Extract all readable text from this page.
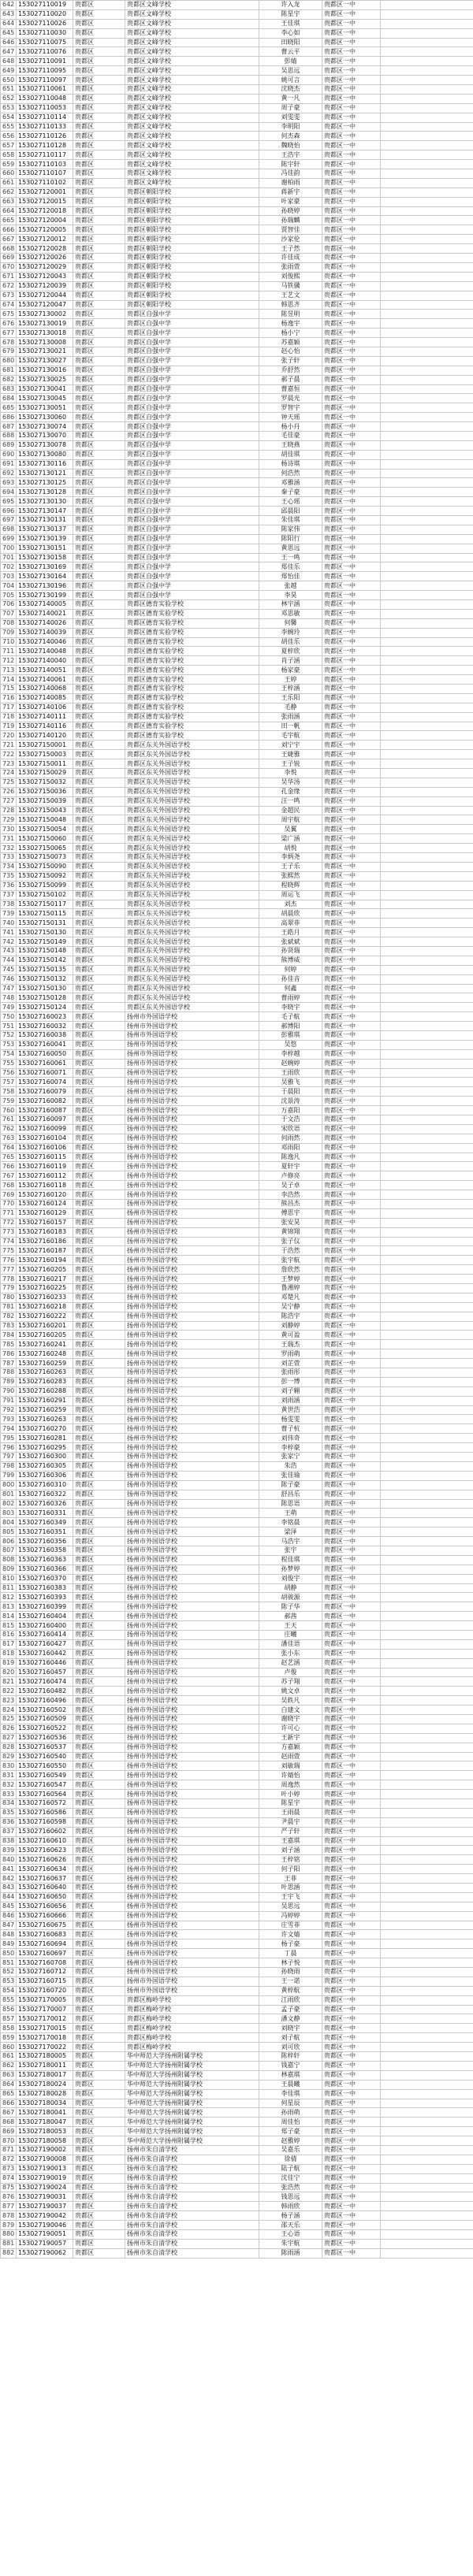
642	153027110019	贵都区	贵都区文峰学校	许入龙	贵都区一中	
643	153027110020	贵都区	贵都区文峰学校	陈星宇	贵都区一中	
644	153027110026	贵都区	贵都区文峰学校	王佳琪	贵都区一中	
645	153027110030	贵都区	贵都区文峰学校	李心如	贵都区一中	
646	153027110075	贵都区	贵都区文峰学校	田晓阳	贵都区一中	
647	153027110076	贵都区	贵都区文峰学校	曹云平	贵都区一中	
648	153027110091	贵都区	贵都区文峰学校	彭婧	贵都区一中	
649	153027110095	贵都区	贵都区文峰学校	吴思远	贵都区一中	
650	153027110097	贵都区	贵都区文峰学校	姚可言	贵都区一中	
651	153027110061	贵都区	贵都区文峰学校	沈晓杰	贵都区一中	
652	153027110048	贵都区	贵都区文峰学校	黄一凡	贵都区一中	
653	153027110053	贵都区	贵都区文峰学校	周子豪	贵都区一中	
654	153027110114	贵都区	贵都区文峰学校	刘雯雯	贵都区一中	
655	153027110133	贵都区	贵都区文峰学校	李明阳	贵都区一中	
656	153027110126	贵都区	贵都区文峰学校	何杰森	贵都区一中	
657	153027110128	贵都区	贵都区文峰学校	魏晓怡	贵都区一中	
658	153027110117	贵都区	贵都区文峰学校	王浩宇	贵都区一中	
659	153027110103	贵都区	贵都区文峰学校	陈宇轩	贵都区一中	
660	153027110107	贵都区	贵都区文峰学校	冯佳韵	贵都区一中	
661	153027110102	贵都区	贵都区文峰学校	谢柏雨	贵都区一中	
662	153027120001	贵都区	贵都区朝阳学校	蒋新宇	贵都区一中	
663	153027120015	贵都区	贵都区朝阳学校	叶家豪	贵都区一中	
664	153027120018	贵都区	贵都区朝阳学校	孙晓婷	贵都区一中	
665	153027120004	贵都区	贵都区朝阳学校	孙瑞麟	贵都区一中	
666	153027120005	贵都区	贵都区朝阳学校	贾智佳	贵都区一中	
667	153027120012	贵都区	贵都区朝阳学校	沙家伦	贵都区一中	
668	153027120028	贵都区	贵都区朝阳学校	王子然	贵都区一中	
669	153027120026	贵都区	贵都区朝阳学校	许佳成	贵都区一中	
670	153027120029	贵都区	贵都区朝阳学校	张雨萱	贵都区一中	
671	153027120043	贵都区	贵都区朝阳学校	刘俊熙	贵都区一中	
672	153027120039	贵都区	贵都区朝阳学校	马铁骥	贵都区一中	
673	153027120044	贵都区	贵都区朝阳学校	王艺文	贵都区一中	
674	153027120047	贵都区	贵都区朝阳学校	韩思齐	贵都区一中	
675	153027130002	贵都区	贵都区自强中学	陈昱明	贵都区一中	
676	153027130019	贵都区	贵都区自强中学	杨逸宇	贵都区一中	
677	153027130018	贵都区	贵都区自强中学	杨小宁	贵都区一中	
678	153027130008	贵都区	贵都区自强中学	苏嘉颖	贵都区一中	
679	153027130021	贵都区	贵都区自强中学	赵心怡	贵都区一中	
680	153027130027	贵都区	贵都区自强中学	张子轩	贵都区一中	
681	153027130016	贵都区	贵都区自强中学	乔舒然	贵都区一中	
682	153027130025	贵都区	贵都区自强中学	郝子晨	贵都区一中	
683	153027130041	贵都区	贵都区自强中学	曹嘉恒	贵都区一中	
684	153027130045	贵都区	贵都区自强中学	罗晨光	贵都区一中	
685	153027130051	贵都区	贵都区自强中学	罗智宇	贵都区一中	
686	153027130060	贵都区	贵都区自强中学	钟天瑶	贵都区一中	
687	153027130074	贵都区	贵都区自强中学	杨小丹	贵都区一中	
688	153027130070	贵都区	贵都区自强中学	毛佳豪	贵都区一中	
689	153027130078	贵都区	贵都区自强中学	王晓燕	贵都区一中	
690	153027130080	贵都区	贵都区自强中学	胡佳琪	贵都区一中	
691	153027130116	贵都区	贵都区自强中学	杨诗琪	贵都区一中	
692	153027130121	贵都区	贵都区自强中学	何浩然	贵都区一中	
693	153027130125	贵都区	贵都区自强中学	邓雅涵	贵都区一中	
694	153027130128	贵都区	贵都区自强中学	秦子豪	贵都区一中	
695	153027130130	贵都区	贵都区自强中学	王心瑶	贵都区一中	
696	153027130147	贵都区	贵都区自强中学	邱晨阳	贵都区一中	
697	153027130131	贵都区	贵都区自强中学	朱佳琪	贵都区一中	
698	153027130137	贵都区	贵都区自强中学	陈家伟	贵都区一中	
699	153027130139	贵都区	贵都区自强中学	陈阳行	贵都区一中	
700	153027130151	贵都区	贵都区自强中学	黄思远	贵都区一中	
701	153027130158	贵都区	贵都区自强中学	王一鸣	贵都区一中	
702	153027130169	贵都区	贵都区自强中学	郑佳乐	贵都区一中	
703	153027130164	贵都区	贵都区自强中学	郑怡佳	贵都区一中	
704	153027130196	贵都区	贵都区自强中学	张越	贵都区一中	
705	153027130199	贵都区	贵都区自强中学	李昊	贵都区一中	
706	153027140005	贵都区	贵都区德育实验学校	林宇涵	贵都区一中	
707	153027140021	贵都区	贵都区德育实验学校	邓思敏	贵都区一中	
708	153027140026	贵都区	贵都区德育实验学校	何馨	贵都区一中	
709	153027140039	贵都区	贵都区德育实验学校	李婉玲	贵都区一中	
710	153027140046	贵都区	贵都区德育实验学校	胡佳乐	贵都区一中	
711	153027140048	贵都区	贵都区德育实验学校	夏梓欣	贵都区一中	
712	153027140040	贵都区	贵都区德育实验学校	肖子涵	贵都区一中	
713	153027140051	贵都区	贵都区德育实验学校	杨家豪	贵都区一中	
714	153027140061	贵都区	贵都区德育实验学校	王婷	贵都区一中	
715	153027140068	贵都区	贵都区德育实验学校	王梓涵	贵都区一中	
716	153027140085	贵都区	贵都区德育实验学校	王乐阳	贵都区一中	
717	153027140106	贵都区	贵都区德育实验学校	毛静	贵都区一中	
718	153027140111	贵都区	贵都区德育实验学校	张雨涵	贵都区一中	
719	153027140116	贵都区	贵都区德育实验学校	田一帆	贵都区一中	
720	153027140120	贵都区	贵都区德育实验学校	毛宇航	贵都区一中	
721	153027150001	贵都区	贵都区东关外国语学校	刘宁宇	贵都区一中	
722	153027150003	贵都区	贵都区东关外国语学校	王婕雅	贵都区一中	
723	153027150011	贵都区	贵都区东关外国语学校	王子锐	贵都区一中	
724	153027150029	贵都区	贵都区东关外国语学校	李悦	贵都区一中	
725	153027150032	贵都区	贵都区东关外国语学校	吴华汤	贵都区一中	
726	153027150036	贵都区	贵都区东关外国语学校	孔金缘	贵都区一中	
727	153027150039	贵都区	贵都区东关外国语学校	汪一鸣	贵都区一中	
728	153027150043	贵都区	贵都区东关外国语学校	金超民	贵都区一中	
729	153027150048	贵都区	贵都区东关外国语学校	周宇航	贵都区一中	
730	153027150054	贵都区	贵都区东关外国语学校	吴翼	贵都区一中	
731	153027150060	贵都区	贵都区东关外国语学校	梁广涵	贵都区一中	
732	153027150065	贵都区	贵都区东关外国语学校	胡悦	贵都区一中	
733	153027150073	贵都区	贵都区东关外国语学校	李炳尧	贵都区一中	
734	153027150090	贵都区	贵都区东关外国语学校	王子乐	贵都区一中	
735	153027150092	贵都区	贵都区东关外国语学校	张熙然	贵都区一中	
736	153027150099	贵都区	贵都区东关外国语学校	程晓辉	贵都区一中	
737	153027150102	贵都区	贵都区东关外国语学校	周运飞	贵都区一中	
738	153027150117	贵都区	贵都区东关外国语学校	刘杰	贵都区一中	
739	153027150115	贵都区	贵都区东关外国语学校	胡晨欣	贵都区一中	
740	153027150131	贵都区	贵都区东关外国语学校	高翠菲	贵都区一中	
741	153027150130	贵都区	贵都区东关外国语学校	王皓月	贵都区一中	
742	153027150149	贵都区	贵都区东关外国语学校	张斌斌	贵都区一中	
743	153027150148	贵都区	贵都区东关外国语学校	孙贤瑞	贵都区一中	
744	153027150142	贵都区	贵都区东关外国语学校	熊博威	贵都区一中	
745	153027150135	贵都区	贵都区东关外国语学校	何婷	贵都区一中	
746	153027150132	贵都区	贵都区东关外国语学校	孙佳音	贵都区一中	
747	153027150130	贵都区	贵都区东关外国语学校	何鑫	贵都区一中	
748	153027150128	贵都区	贵都区东关外国语学校	曹雨婷	贵都区一中	
749	153027150124	贵都区	贵都区东关外国语学校	李晓宇	贵都区一中	
750	153027160023	贵都区	扬州市外国语学校	毛子航	贵都区一中	
751	153027160032	贵都区	扬州市外国语学校	郝博阳	贵都区一中	
752	153027160038	贵都区	扬州市外国语学校	彭雅琪	贵都区一中	
753	153027160041	贵都区	扬州市外国语学校	吴悠	贵都区一中	
754	153027160050	贵都区	扬州市外国语学校	李梓越	贵都区一中	
755	153027160061	贵都区	扬州市外国语学校	赵婉婷	贵都区一中	
756	153027160071	贵都区	扬州市外国语学校	王雨欣	贵都区一中	
757	153027160074	贵都区	扬州市外国语学校	吴雅飞	贵都区一中	
758	153027160079	贵都区	扬州市外国语学校	于晨阳	贵都区一中	
759	153027160082	贵都区	扬州市外国语学校	沈景涛	贵都区一中	
760	153027160087	贵都区	扬州市外国语学校	万嘉阳	贵都区一中	
761	153027160097	贵都区	扬州市外国语学校	于文浩	贵都区一中	
762	153027160099	贵都区	扬州市外国语学校	宋欣语	贵都区一中	
763	153027160104	贵都区	扬州市外国语学校	何雨然	贵都区一中	
764	153027160106	贵都区	扬州市外国语学校	邓雨阳	贵都区一中	
765	153027160115	贵都区	扬州市外国语学校	陈逸凡	贵都区一中	
766	153027160119	贵都区	扬州市外国语学校	夏轩宇	贵都区一中	
767	153027160112	贵都区	扬州市外国语学校	卢修亮	贵都区一中	
768	153027160118	贵都区	扬州市外国语学校	吴子卓	贵都区一中	
769	153027160120	贵都区	扬州市外国语学校	李浩然	贵都区一中	
770	153027160124	贵都区	扬州市外国语学校	熊昌杰	贵都区一中	
771	153027160129	贵都区	扬州市外国语学校	傅思宇	贵都区一中	
772	153027160157	贵都区	扬州市外国语学校	张安昊	贵都区一中	
773	153027160183	贵都区	扬州市外国语学校	黄锦翔	贵都区一中	
774	153027160186	贵都区	扬州市外国语学校	张子仪	贵都区一中	
775	153027160187	贵都区	扬州市外国语学校	于浩然	贵都区一中	
776	153027160194	贵都区	扬州市外国语学校	张宇航	贵都区一中	
777	153027160205	贵都区	扬州市外国语学校	詹欣然	贵都区一中	
778	153027160217	贵都区	扬州市外国语学校	王梦婷	贵都区一中	
779	153027160225	贵都区	扬州市外国语学校	鲁湘婷	贵都区一中	
780	153027160233	贵都区	扬州市外国语学校	邓楚凡	贵都区一中	
781	153027160218	贵都区	扬州市外国语学校	吴宁静	贵都区一中	
782	153027160222	贵都区	扬州市外国语学校	陈浩宇	贵都区一中	
783	153027160201	贵都区	扬州市外国语学校	刘静婷	贵都区一中	
784	153027160205	贵都区	扬州市外国语学校	黄可盈	贵都区一中	
785	153027160241	贵都区	扬州市外国语学校	王瑞杰	贵都区一中	
786	153027160248	贵都区	扬州市外国语学校	罗雨萌	贵都区一中	
787	153027160259	贵都区	扬州市外国语学校	刘芷萱	贵都区一中	
788	153027160263	贵都区	扬州市外国语学校	张雨彤	贵都区一中	
789	153027160283	贵都区	扬州市外国语学校	彭一博	贵都区一中	
790	153027160288	贵都区	扬州市外国语学校	刘子翱	贵都区一中	
791	153027160291	贵都区	扬州市外国语学校	刘雨涵	贵都区一中	
792	153027160259	贵都区	扬州市外国语学校	黄世浩	贵都区一中	
793	153027160263	贵都区	扬州市外国语学校	杨雯雯	贵都区一中	
794	153027160270	贵都区	扬州市外国语学校	曹子杭	贵都区一中	
795	153027160281	贵都区	扬州市外国语学校	刘伟奇	贵都区一中	
796	153027160295	贵都区	扬州市外国语学校	李梓豪	贵都区一中	
797	153027160300	贵都区	扬州市外国语学校	张家宁	贵都区一中	
798	153027160305	贵都区	扬州市外国语学校	朱浩	贵都区一中	
799	153027160306	贵都区	扬州市外国语学校	张佳瑜	贵都区一中	
800	153027160310	贵都区	扬州市外国语学校	陈子豪	贵都区一中	
801	153027160322	贵都区	扬州市外国语学校	舒昌乐	贵都区一中	
802	153027160326	贵都区	扬州市外国语学校	陈思语	贵都区一中	
803	153027160331	贵都区	扬州市外国语学校	王萌	贵都区一中	
804	153027160349	贵都区	扬州市外国语学校	李铭晨	贵都区一中	
805	153027160351	贵都区	扬州市外国语学校	梁泽	贵都区一中	
806	153027160356	贵都区	扬州市外国语学校	马浩宇	贵都区一中	
807	153027160358	贵都区	扬州市外国语学校	张宇	贵都区一中	
808	153027160363	贵都区	扬州市外国语学校	程佳琪	贵都区一中	
809	153027160366	贵都区	扬州市外国语学校	孙梦婷	贵都区一中	
810	153027160370	贵都区	扬州市外国语学校	刘俊宇	贵都区一中	
811	153027160383	贵都区	扬州市外国语学校	胡静	贵都区一中	
812	153027160393	贵都区	扬州市外国语学校	胡骏源	贵都区一中	
813	153027160399	贵都区	扬州市外国语学校	陈子华	贵都区一中	
814	153027160404	贵都区	扬州市外国语学校	郝茜	贵都区一中	
815	153027160400	贵都区	扬州市外国语学校	王天	贵都区一中	
816	153027160414	贵都区	扬州市外国语学校	庄曦	贵都区一中	
817	153027160427	贵都区	扬州市外国语学校	潘佳语	贵都区一中	
818	153027160442	贵都区	扬州市外国语学校	张小东	贵都区一中	
819	153027160446	贵都区	扬州市外国语学校	赵艺涵	贵都区一中	
820	153027160457	贵都区	扬州市外国语学校	卢俊	贵都区一中	
821	153027160474	贵都区	扬州市外国语学校	苏子翔	贵都区一中	
822	153027160482	贵都区	扬州市外国语学校	姚文卓	贵都区一中	
823	153027160496	贵都区	扬州市外国语学校	吴轶凡	贵都区一中	
824	153027160502	贵都区	扬州市外国语学校	白建文	贵都区一中	
825	153027160509	贵都区	扬州市外国语学校	谢晓宇	贵都区一中	
826	153027160522	贵都区	扬州市外国语学校	许可心	贵都区一中	
827	153027160536	贵都区	扬州市外国语学校	王新宇	贵都区一中	
828	153027160537	贵都区	扬州市外国语学校	方嘉颖	贵都区一中	
829	153027160540	贵都区	扬州市外国语学校	赵雨萱	贵都区一中	
830	153027160550	贵都区	扬州市外国语学校	刘敏瑞	贵都区一中	
831	153027160549	贵都区	扬州市外国语学校	许婧怡	贵都区一中	
832	153027160547	贵都区	扬州市外国语学校	周逸然	贵都区一中	
833	153027160564	贵都区	扬州市外国语学校	叶小婷	贵都区一中	
834	153027160572	贵都区	扬州市外国语学校	陈星宇	贵都区一中	
835	153027160586	贵都区	扬州市外国语学校	王雨晨	贵都区一中	
836	153027160598	贵都区	扬州市外国语学校	尹晨宇	贵都区一中	
837	153027160602	贵都区	扬州市外国语学校	严子轩	贵都区一中	
838	153027160610	贵都区	扬州市外国语学校	王嘉琪	贵都区一中	
839	153027160623	贵都区	扬州市外国语学校	刘子涵	贵都区一中	
840	153027160626	贵都区	扬州市外国语学校	王梓铭	贵都区一中	
841	153027160634	贵都区	扬州市外国语学校	何子阳	贵都区一中	
842	153027160637	贵都区	扬州市外国语学校	王菲	贵都区一中	
843	153027160640	贵都区	扬州市外国语学校	叶思涵	贵都区一中	
844	153027160650	贵都区	扬州市外国语学校	王宇飞	贵都区一中	
845	153027160656	贵都区	扬州市外国语学校	吴思远	贵都区一中	
846	153027160666	贵都区	扬州市外国语学校	冯婷婷	贵都区一中	
847	153027160675	贵都区	扬州市外国语学校	庄雪菲	贵都区一中	
848	153027160683	贵都区	扬州市外国语学校	许文婧	贵都区一中	
849	153027160694	贵都区	扬州市外国语学校	杨子豪	贵都区一中	
850	153027160697	贵都区	扬州市外国语学校	丁晨	贵都区一中	
851	153027160708	贵都区	扬州市外国语学校	林子悦	贵都区一中	
852	153027160712	贵都区	扬州市外国语学校	孙晓雨	贵都区一中	
853	153027160715	贵都区	扬州市外国语学校	王一诺	贵都区一中	
854	153027160720	贵都区	扬州市外国语学校	黄梓航	贵都区一中	
855	153027170005	贵都区	贵都区梅岭学校	江雨欣	贵都区一中	
856	153027170007	贵都区	贵都区梅岭学校	孟子豪	贵都区一中	
857	153027170012	贵都区	贵都区梅岭学校	潘文静	贵都区一中	
858	153027170015	贵都区	贵都区梅岭学校	刘晓宇	贵都区一中	
859	153027170018	贵都区	贵都区梅岭学校	刘子航	贵都区一中	
860	153027170022	贵都区	贵都区梅岭学校	刘可欣	贵都区一中	
861	153027180005	贵都区	华中师范大学扬州附属学校	陈梓轩	贵都区一中	
862	153027180011	贵都区	华中师范大学扬州附属学校	钱嘉宁	贵都区一中	
863	153027180017	贵都区	华中师范大学扬州附属学校	林嘉琪	贵都区一中	
864	153027180024	贵都区	华中师范大学扬州附属学校	王晨曦	贵都区一中	
865	153027180028	贵都区	华中师范大学扬州附属学校	李佳琪	贵都区一中	
866	153027180034	贵都区	华中师范大学扬州附属学校	何星辰	贵都区一中	
867	153027180041	贵都区	华中师范大学扬州附属学校	孙雨萌	贵都区一中	
868	153027180047	贵都区	华中师范大学扬州附属学校	周佳怡	贵都区一中	
869	153027180053	贵都区	华中师范大学扬州附属学校	郑子豪	贵都区一中	
870	153027180058	贵都区	华中师范大学扬州附属学校	赵雅婷	贵都区一中	
871	153027190002	贵都区	扬州市朱自清学校	吴嘉乐	贵都区一中	
872	153027190008	贵都区	扬州市朱自清学校	徐倩	贵都区一中	
873	153027190013	贵都区	扬州市朱自清学校	陆子航	贵都区一中	
874	153027190019	贵都区	扬州市朱自清学校	沈佳宁	贵都区一中	
875	153027190024	贵都区	扬州市朱自清学校	张浩然	贵都区一中	
876	153027190031	贵都区	扬州市朱自清学校	钱思远	贵都区一中	
877	153027190037	贵都区	扬州市朱自清学校	韩雨欣	贵都区一中	
878	153027190042	贵都区	扬州市朱自清学校	杨子涵	贵都区一中	
879	153027190046	贵都区	扬州市朱自清学校	邵天乐	贵都区一中	
880	153027190051	贵都区	扬州市朱自清学校	王心语	贵都区一中	
881	153027190057	贵都区	扬州市朱自清学校	朱宇航	贵都区一中	
882	153027190062	贵都区	扬州市朱自清学校	陈雨涵	贵都区一中	
